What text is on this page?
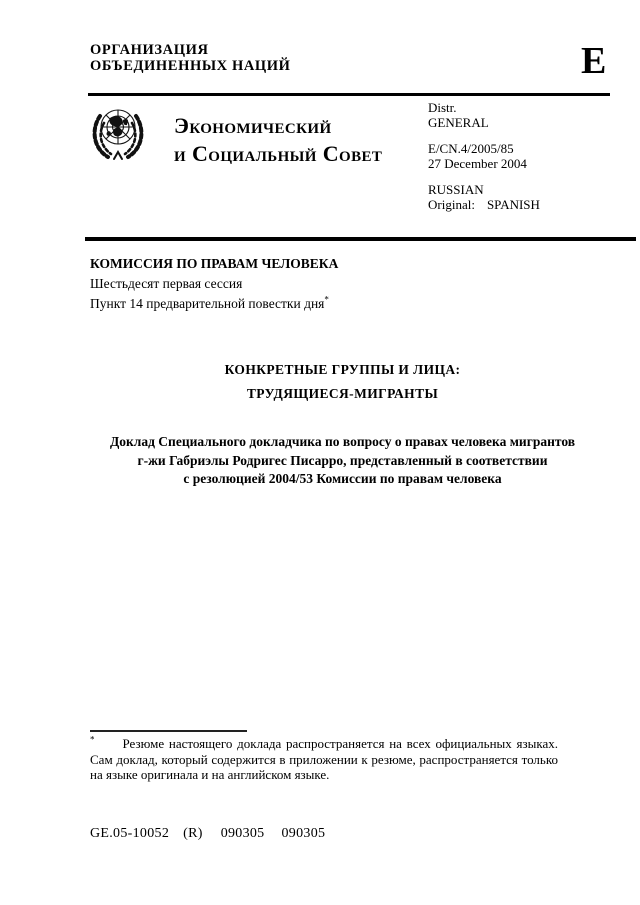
ОРГАНИЗАЦИЯ
ОБЪЕДИНЕННЫХ НАЦИЙ	E
Экономический
и Социальный Совет
Distr.
GENERAL
E/CN.4/2005/85
27 December 2004
RUSSIAN
Original: SPANISH
КОМИССИЯ ПО ПРАВАМ ЧЕЛОВЕКА
Шестьдесят первая сессия
Пункт 14 предварительной повестки дня*
КОНКРЕТНЫЕ ГРУППЫ И ЛИЦА:
ТРУДЯЩИЕСЯ-МИГРАНТЫ
Доклад Специального докладчика по вопросу о правах человека мигрантов
г-жи Габриэлы Родригес Писарро, представленный в соответствии
с резолюцией 2004/53 Комиссии по правам человека
* Резюме настоящего доклада распространяется на всех официальных языках.  Сам доклад, который содержится в приложении к резюме, распространяется только на языке оригинала и на английском языке.
GE.05-10052 (R) 090305 090305
